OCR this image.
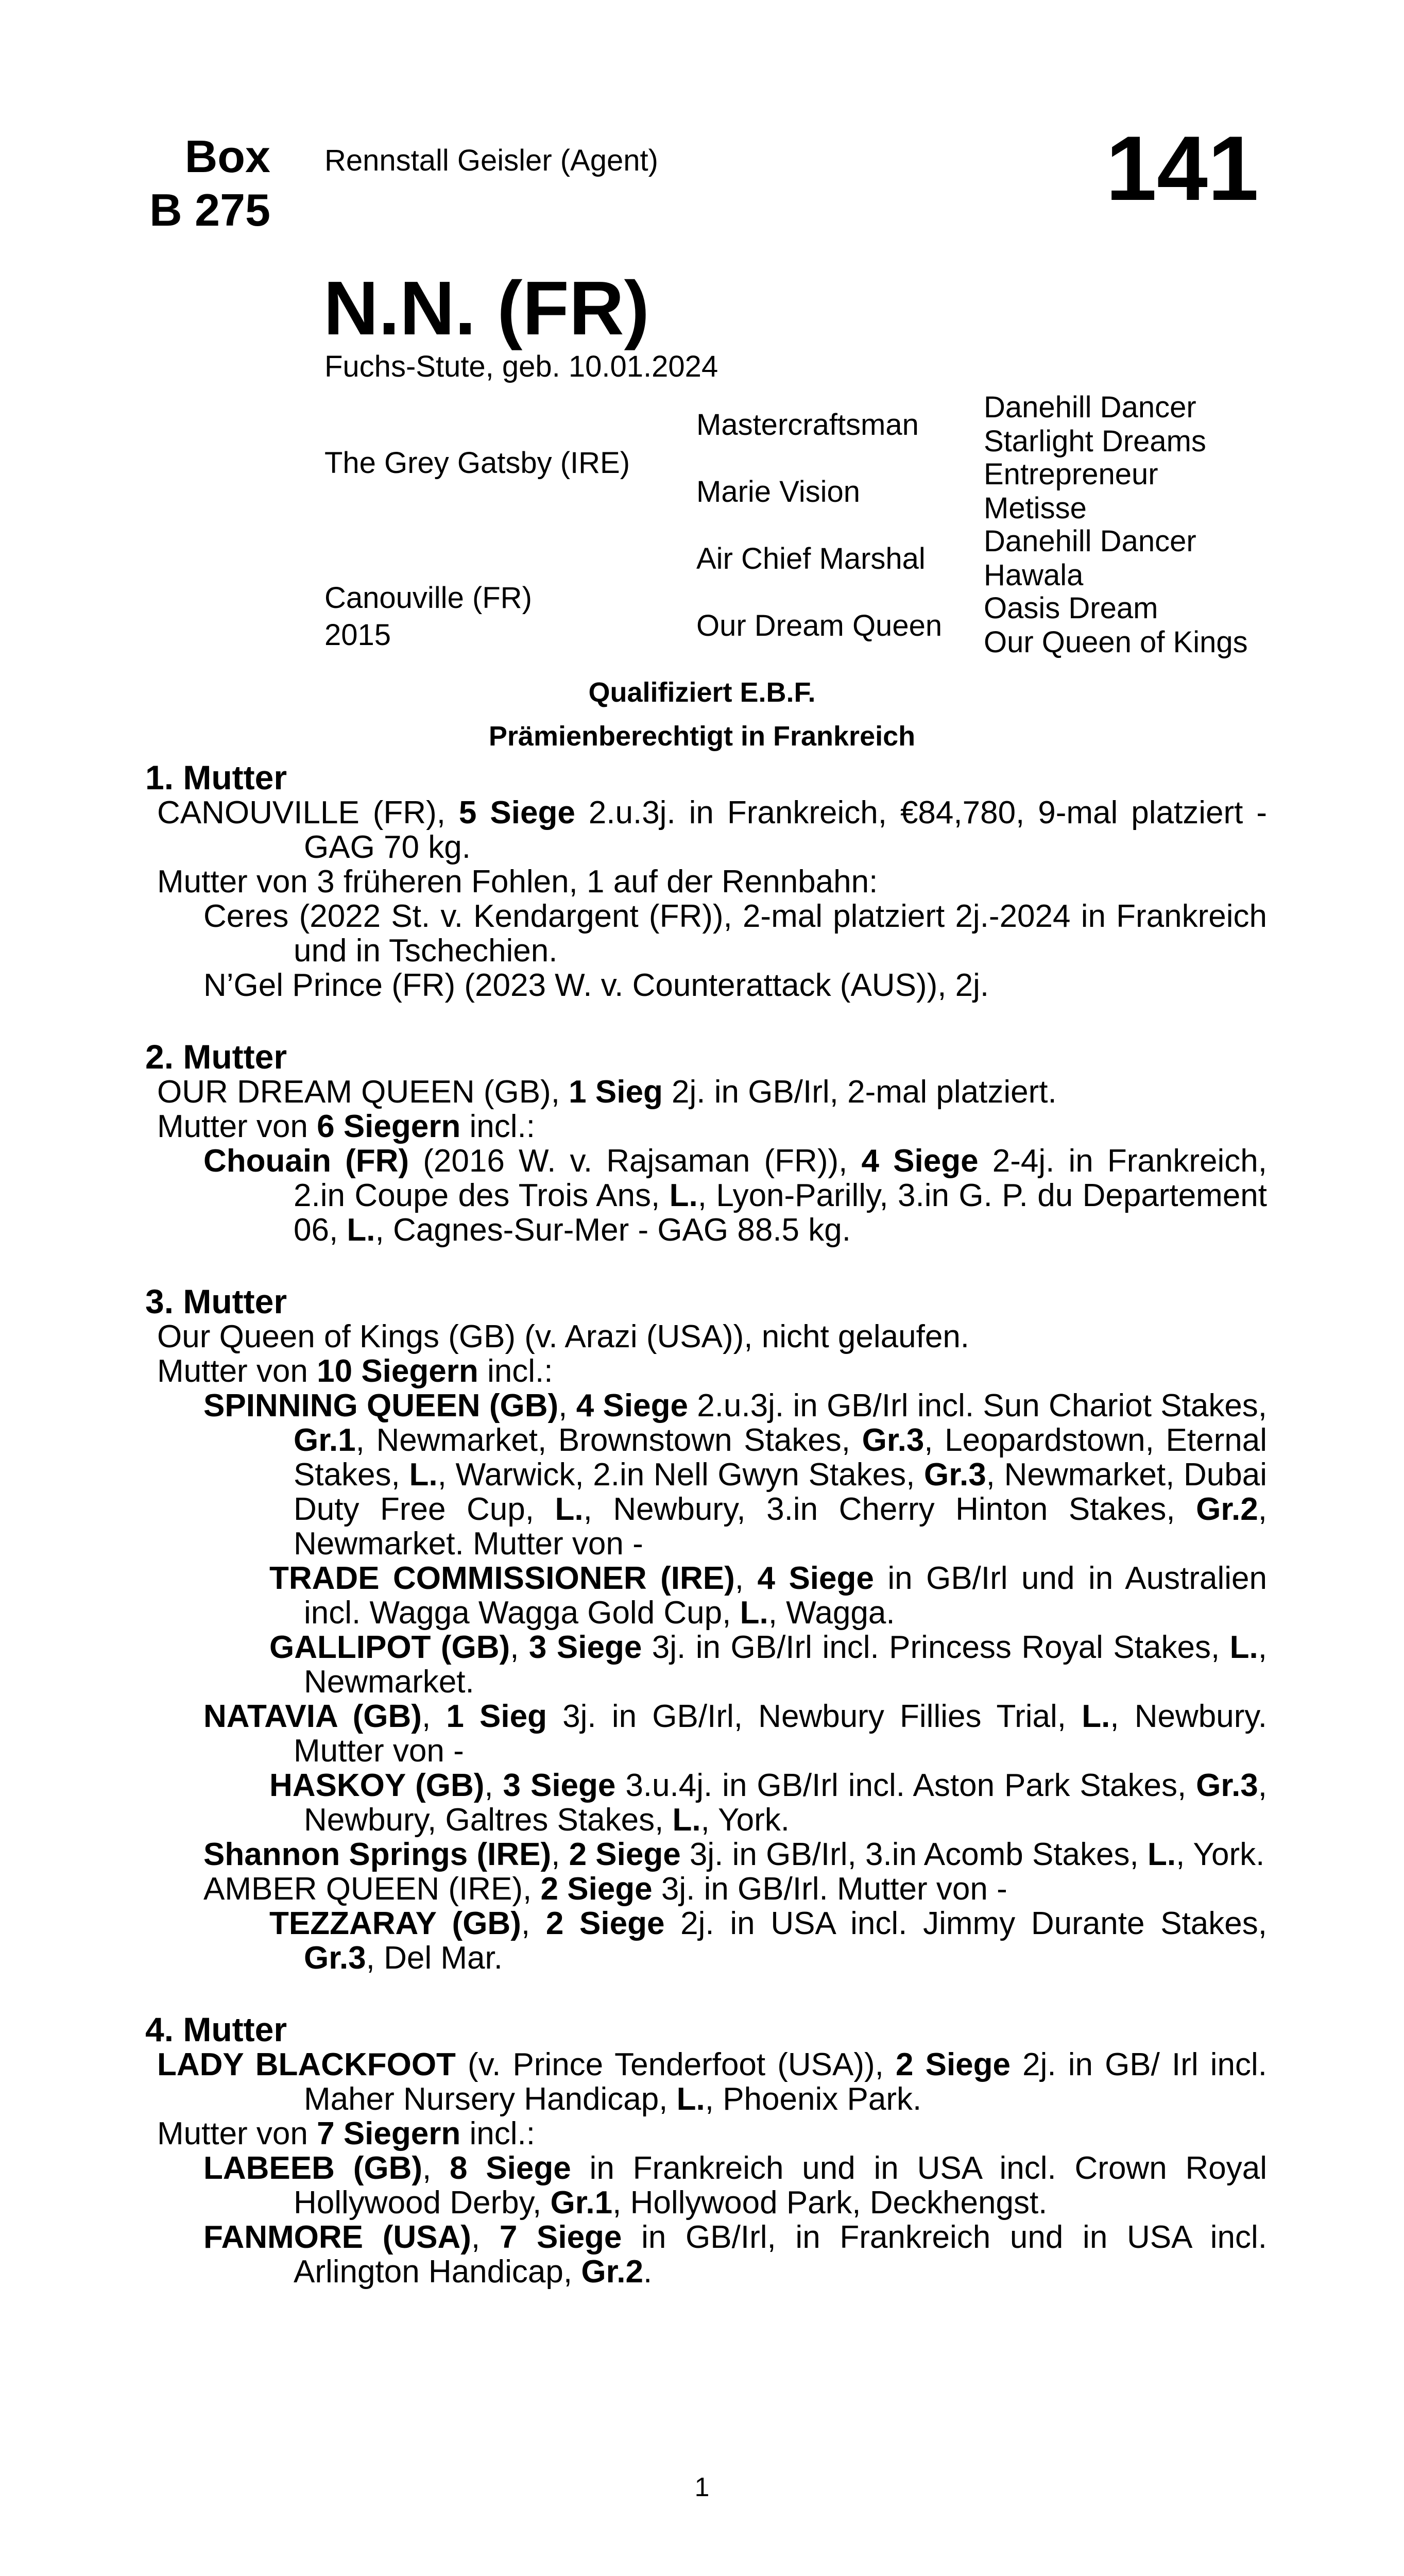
Box
B 275
Rennstall Geisler (Agent)	141
N.N. (FR)
Fuchs-Stute, geb. 10.01.2024
The Grey Gatsby (IRE)
Canouville (FR)
2015
Mastercraftsman
Marie Vision
Air Chief Marshal
Our Dream Queen
Danehill Dancer
Starlight Dreams
Entrepreneur
Metisse
Danehill Dancer
Hawala
Oasis Dream
Our Queen of Kings
Qualifiziert E.B.F.
Prämienberechtigt in Frankreich
1. Mutter
CANOUVILLE (FR), 5 Siege 2.u.3j. in Frankreich, €84,780, 9-mal platziert - GAG 70 kg.
Mutter von 3 früheren Fohlen, 1 auf der Rennbahn:
Ceres (2022 St. v. Kendargent (FR)), 2-mal platziert 2j.-2024 in Frankreich und in Tschechien.
N’Gel Prince (FR) (2023 W. v. Counterattack (AUS)), 2j.
2. Mutter
OUR DREAM QUEEN (GB), 1 Sieg 2j. in GB/Irl, 2-mal platziert.
Mutter von 6 Siegern incl.:
Chouain (FR) (2016 W. v. Rajsaman (FR)), 4 Siege 2-4j. in Frankreich, 2.in Coupe des Trois Ans, L., Lyon-Parilly, 3.in G. P. du Departement 06, L., Cagnes-Sur-Mer - GAG 88.5 kg.
3. Mutter
Our Queen of Kings (GB) (v. Arazi (USA)), nicht gelaufen.
Mutter von 10 Siegern incl.:
SPINNING QUEEN (GB), 4 Siege 2.u.3j. in GB/Irl incl. Sun Chariot Stakes, Gr.1, Newmarket, Brownstown Stakes, Gr.3, Leopardstown, Eternal Stakes, L., Warwick, 2.in Nell Gwyn Stakes, Gr.3, Newmarket, Dubai Duty Free Cup, L., Newbury, 3.in Cherry Hinton Stakes, Gr.2, Newmarket. Mutter von -
TRADE COMMISSIONER (IRE), 4 Siege in GB/Irl und in Australien incl. Wagga Wagga Gold Cup, L., Wagga.
GALLIPOT (GB), 3 Siege 3j. in GB/Irl incl. Princess Royal Stakes, L., Newmarket.
NATAVIA (GB), 1 Sieg 3j. in GB/Irl, Newbury Fillies Trial, L., Newbury. Mutter von -
HASKOY (GB), 3 Siege 3.u.4j. in GB/Irl incl. Aston Park Stakes, Gr.3, Newbury, Galtres Stakes, L., York.
Shannon Springs (IRE), 2 Siege 3j. in GB/Irl, 3.in Acomb Stakes, L., York.
AMBER QUEEN (IRE), 2 Siege 3j. in GB/Irl. Mutter von -
TEZZARAY (GB), 2 Siege 2j. in USA incl. Jimmy Durante Stakes, Gr.3, Del Mar.
4. Mutter
LADY BLACKFOOT (v. Prince Tenderfoot (USA)), 2 Siege 2j. in GB/ Irl incl. Maher Nursery Handicap, L., Phoenix Park.
Mutter von 7 Siegern incl.:
LABEEB (GB), 8 Siege in Frankreich und in USA incl. Crown Royal Hollywood Derby, Gr.1, Hollywood Park, Deckhengst.
FANMORE (USA), 7 Siege in GB/Irl, in Frankreich und in USA incl. Arlington Handicap, Gr.2.
1
